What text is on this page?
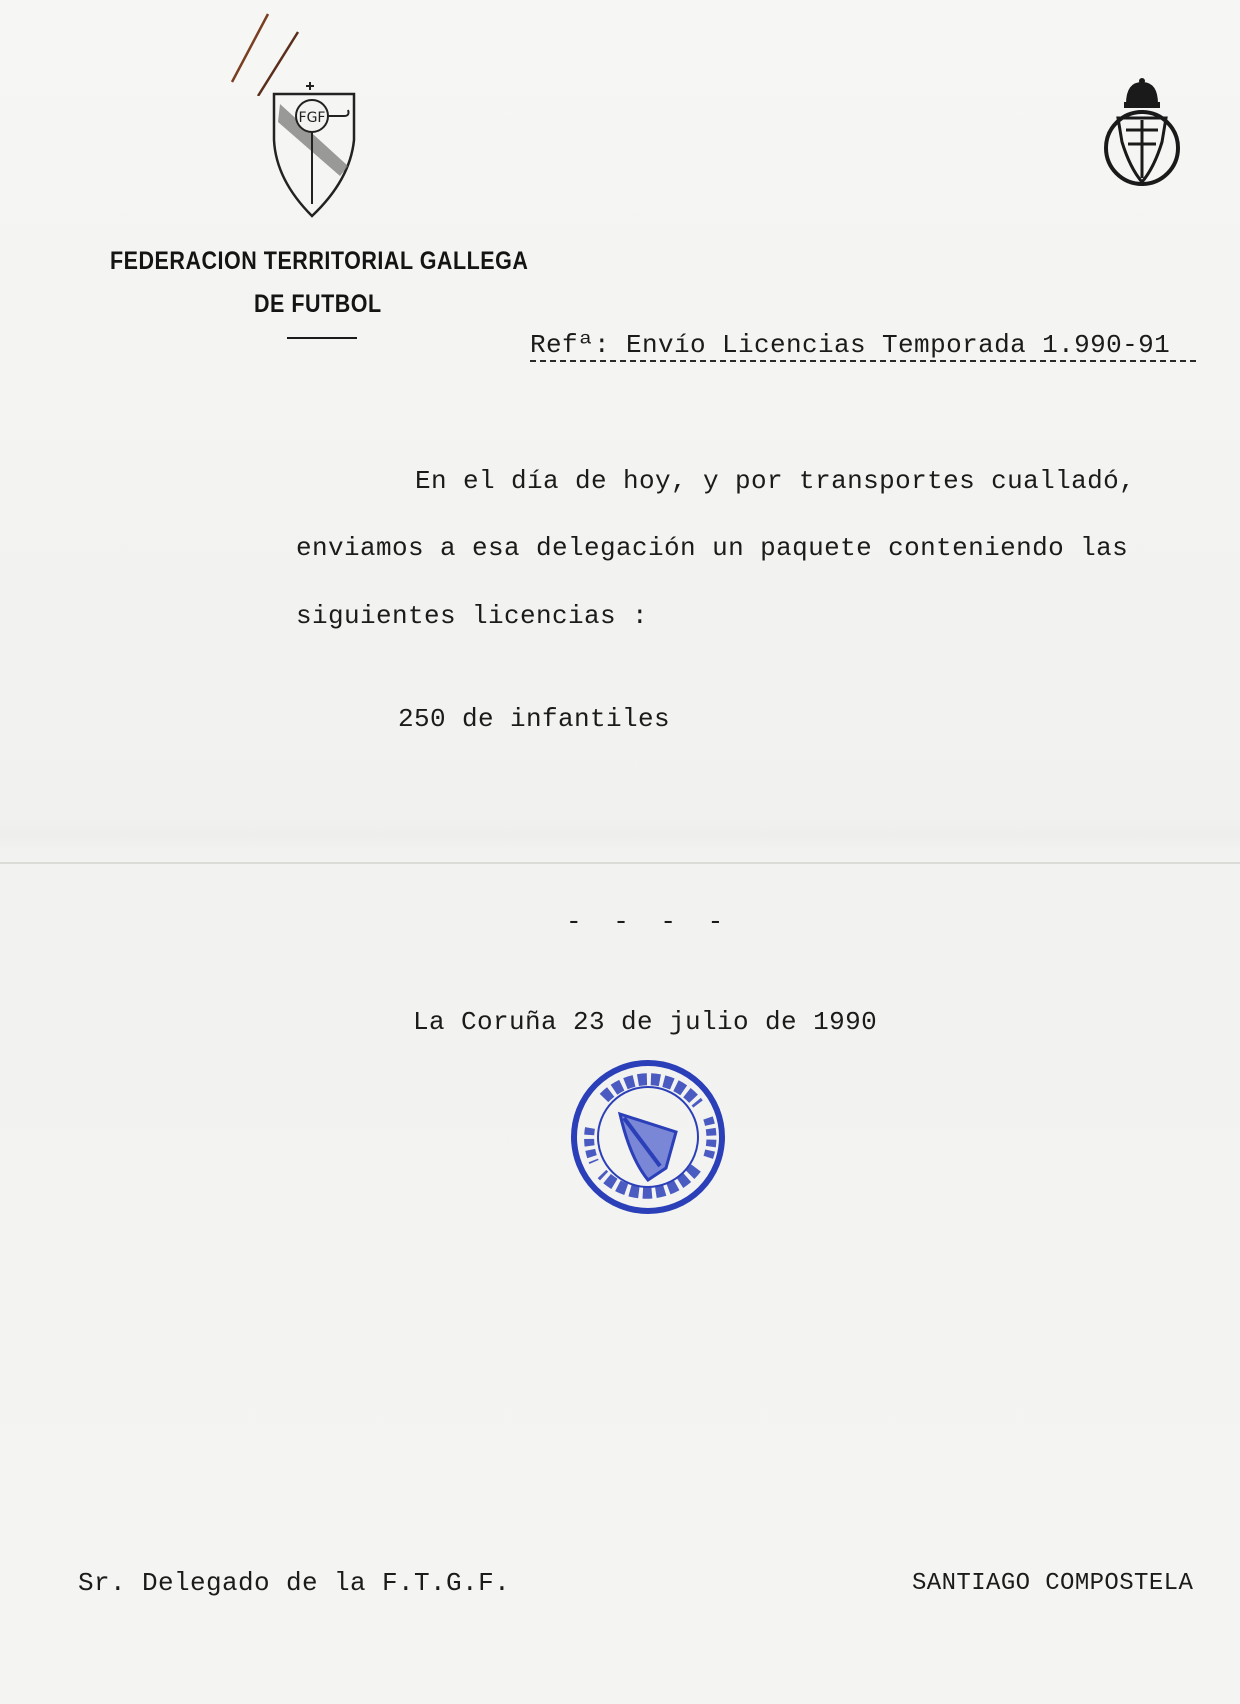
FGF
FEDERACION TERRITORIAL GALLEGA
DE FUTBOL
Refª: Envío Licencias Temporada 1.990-91
En el día de hoy, y por transportes cualladó,
enviamos a esa delegación un paquete conteniendo las
siguientes licencias :
250 de infantiles
- - - -
La Coruña 23 de julio de 1990
Sr. Delegado de la F.T.G.F.	SANTIAGO COMPOSTELA
